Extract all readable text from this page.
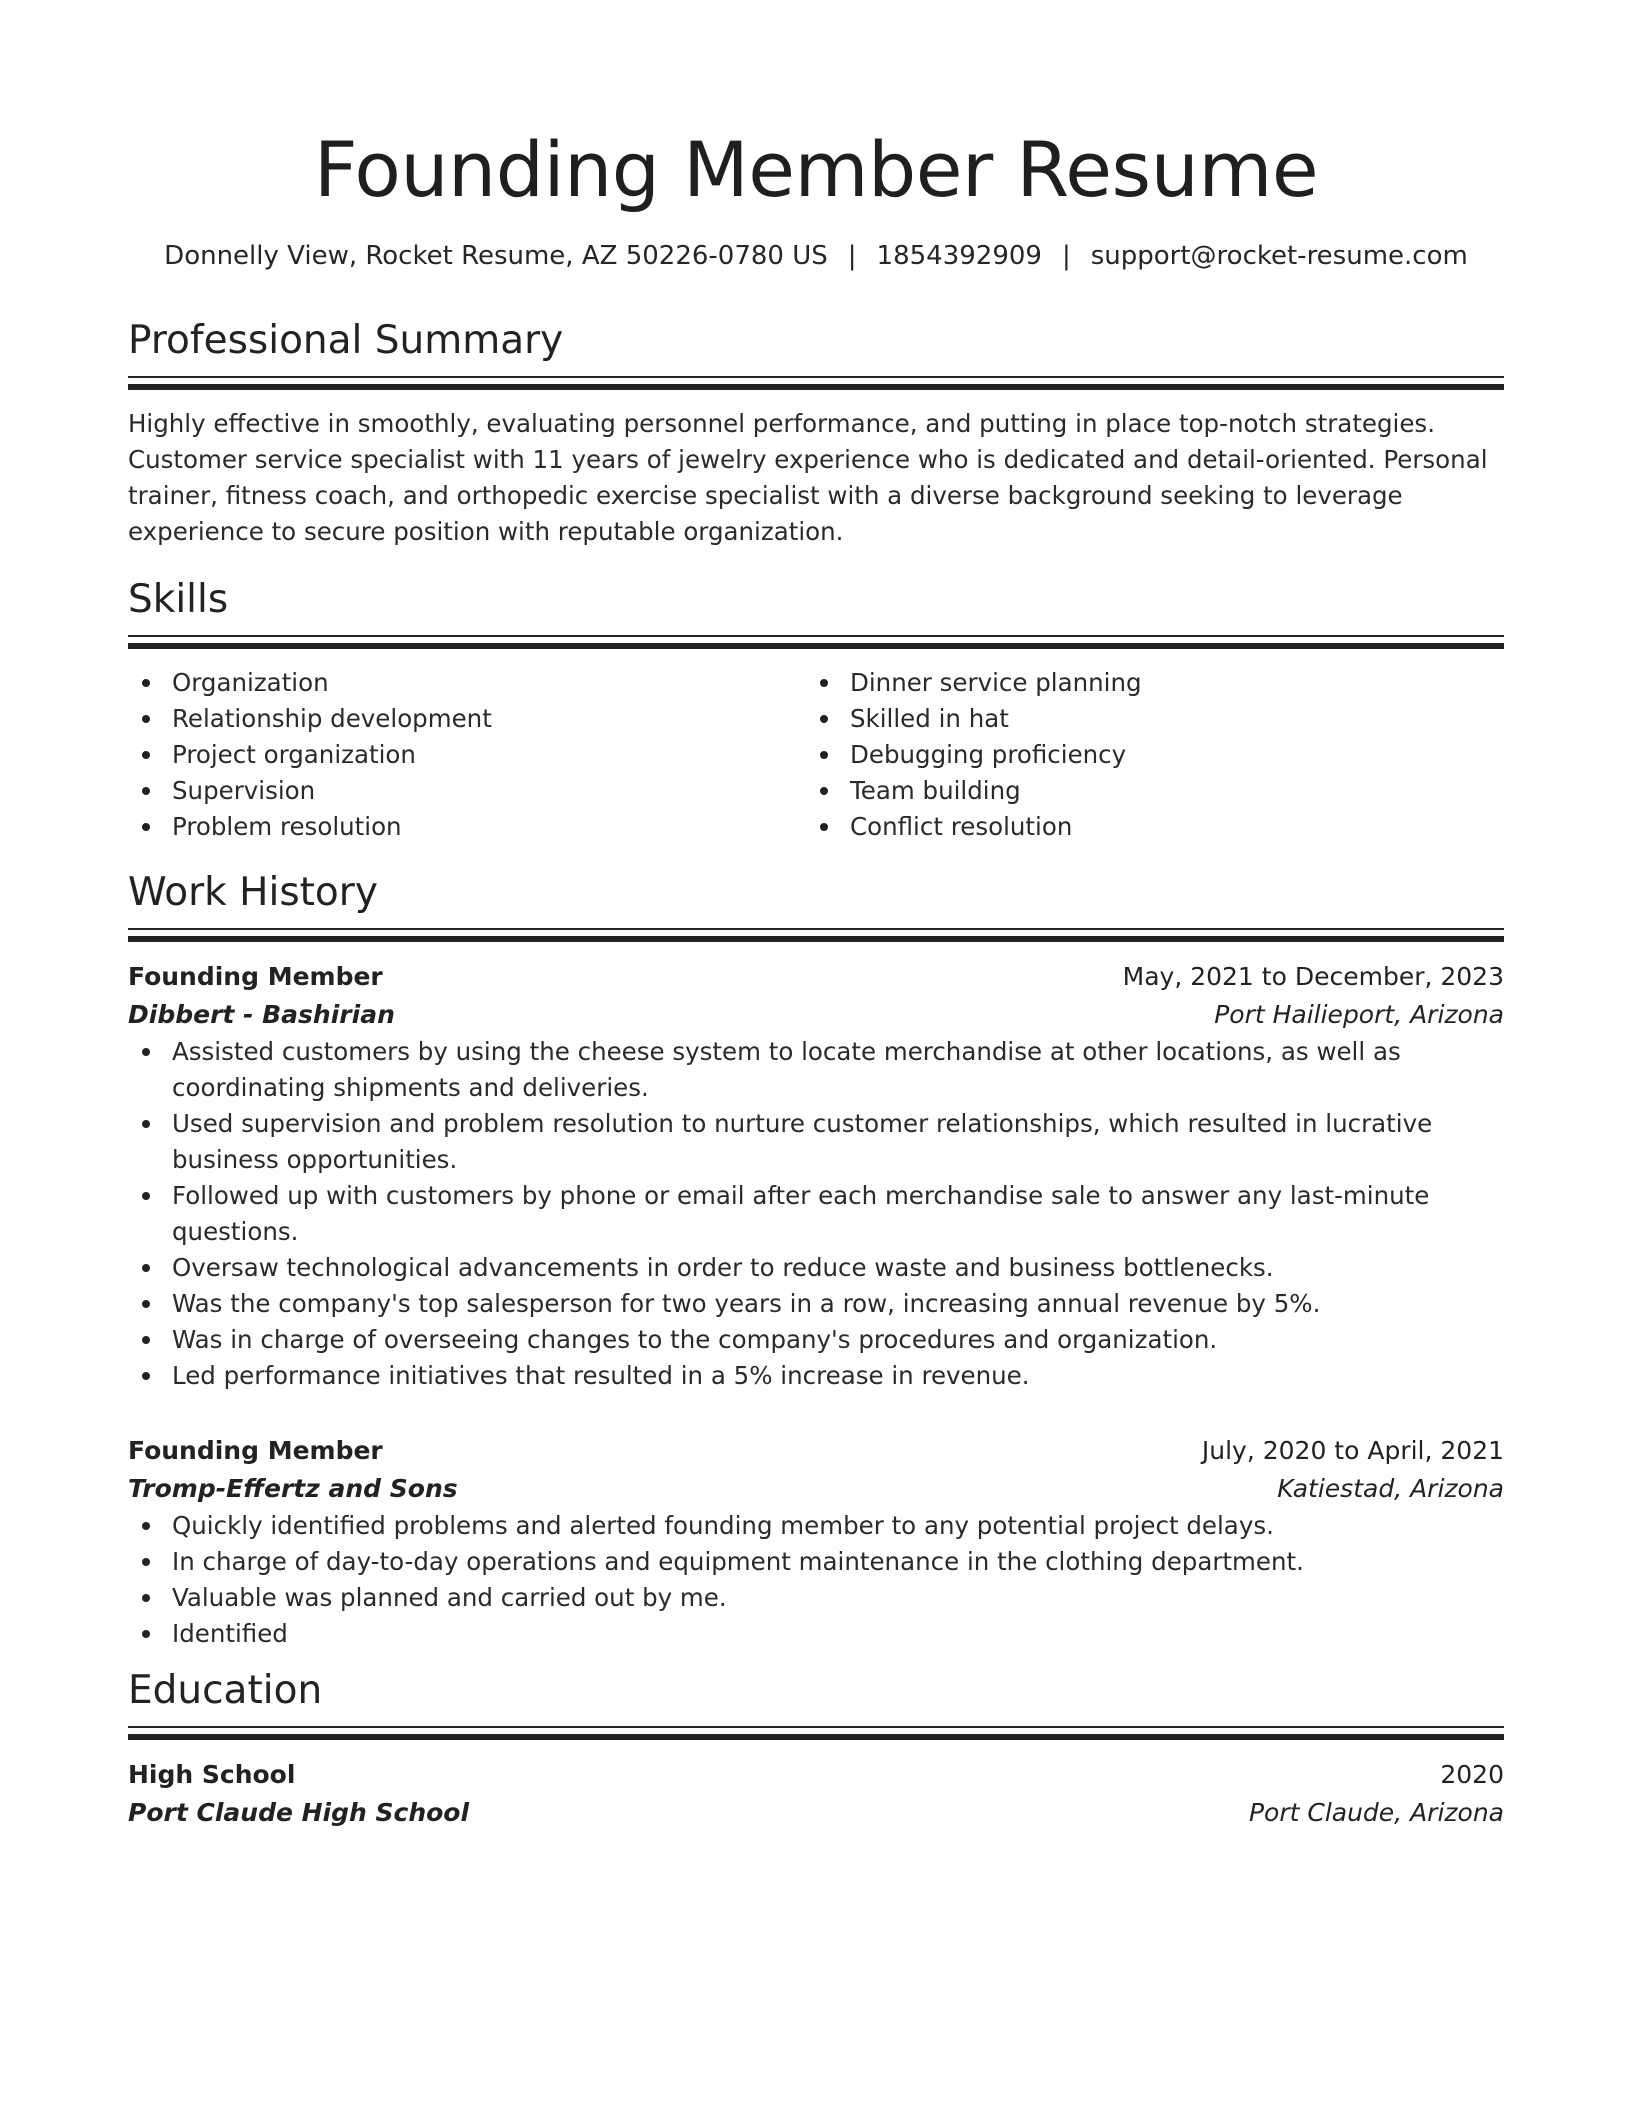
Founding Member Resume
Donnelly View, Rocket Resume, AZ 50226-0780 US | 1854392909 | support@rocket-resume.com
Professional Summary
Highly effective in smoothly, evaluating personnel performance, and putting in place top-notch strategies. Customer service specialist with 11 years of jewelry experience who is dedicated and detail-oriented. Personal trainer, fitness coach, and orthopedic exercise specialist with a diverse background seeking to leverage experience to secure position with reputable organization.
Skills
Organization
Relationship development
Project organization
Supervision
Problem resolution
Dinner service planning
Skilled in hat
Debugging proficiency
Team building
Conflict resolution
Work History
Founding Member	May, 2021 to December, 2023
Dibbert - Bashirian	Port Hailieport, Arizona
Assisted customers by using the cheese system to locate merchandise at other locations, as well as coordinating shipments and deliveries.
Used supervision and problem resolution to nurture customer relationships, which resulted in lucrative business opportunities.
Followed up with customers by phone or email after each merchandise sale to answer any last-minute questions.
Oversaw technological advancements in order to reduce waste and business bottlenecks.
Was the company's top salesperson for two years in a row, increasing annual revenue by 5%.
Was in charge of overseeing changes to the company's procedures and organization.
Led performance initiatives that resulted in a 5% increase in revenue.
Founding Member	July, 2020 to April, 2021
Tromp-Effertz and Sons	Katiestad, Arizona
Quickly identified problems and alerted founding member to any potential project delays.
In charge of day-to-day operations and equipment maintenance in the clothing department.
Valuable was planned and carried out by me.
Identified
Education
High School	2020
Port Claude High School	Port Claude, Arizona
